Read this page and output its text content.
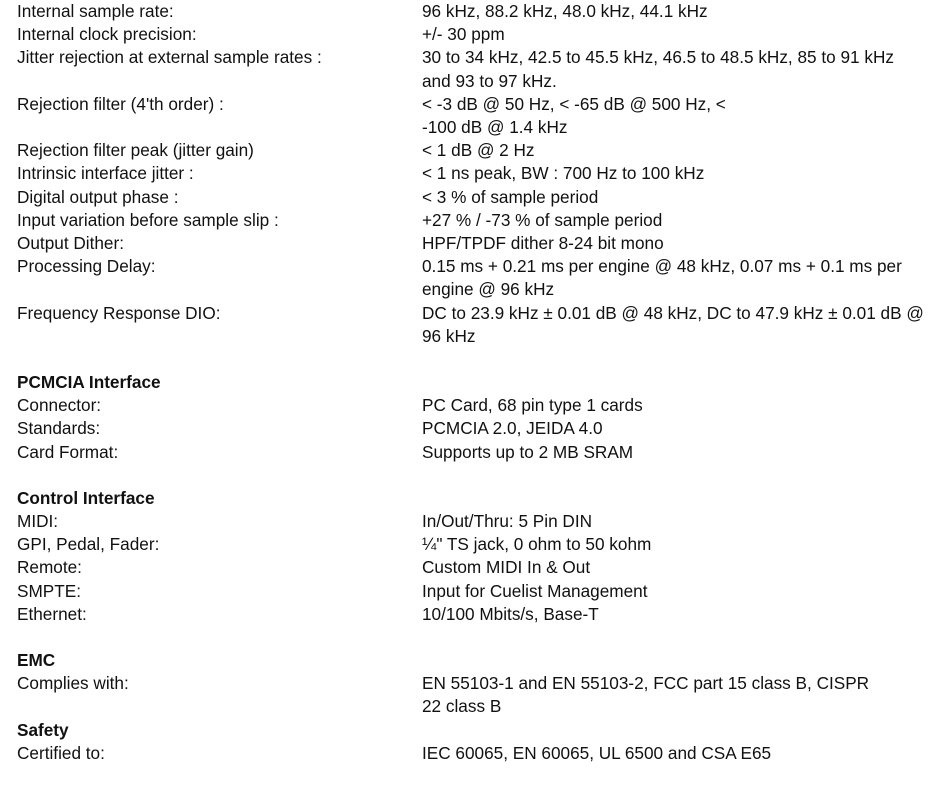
Internal sample rate:	96 kHz, 88.2 kHz, 48.0 kHz, 44.1 kHz
Internal clock precision:	+/- 30 ppm
Jitter rejection at external sample rates :	30 to 34 kHz, 42.5 to 45.5 kHz, 46.5 to 48.5 kHz, 85 to 91 kHz and 93 to 97 kHz.
Rejection filter (4'th order) :	< -3 dB @ 50 Hz, < -65 dB @ 500 Hz, < -100 dB @ 1.4 kHz
Rejection filter peak (jitter gain)	< 1 dB @ 2 Hz
Intrinsic interface jitter :	< 1 ns peak, BW : 700 Hz to 100 kHz
Digital output phase :	< 3 % of sample period
Input variation before sample slip :	+27 % / -73 % of sample period
Output Dither:	HPF/TPDF dither 8-24 bit mono
Processing Delay:	0.15 ms + 0.21 ms per engine @ 48 kHz, 0.07 ms + 0.1 ms per engine @ 96 kHz
Frequency Response DIO:	DC to 23.9 kHz ± 0.01 dB @ 48 kHz, DC to 47.9 kHz ± 0.01 dB @ 96 kHz
PCMCIA Interface
Connector:	PC Card, 68 pin type 1 cards
Standards:	PCMCIA 2.0, JEIDA 4.0
Card Format:	Supports up to 2 MB SRAM
Control Interface
MIDI:	In/Out/Thru: 5 Pin DIN
GPI, Pedal, Fader:	¼" TS jack, 0 ohm to 50 kohm
Remote:	Custom MIDI In & Out
SMPTE:	Input for Cuelist Management
Ethernet:	10/100 Mbits/s, Base-T
EMC
Complies with:	EN 55103-1 and EN 55103-2, FCC part 15 class B, CISPR 22 class B
Safety
Certified to:	IEC 60065, EN 60065, UL 6500 and CSA E65
